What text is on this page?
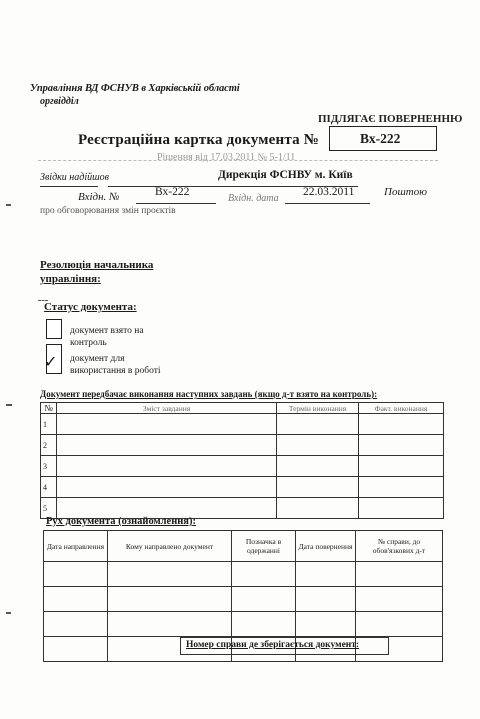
Управління ВД ФСНУВ в Харківській області
оргвідділ
ПІДЛЯГАЄ ПОВЕРНЕННЮ
Реєстраційна картка документа №	Вх-222
Рішення від 17.03.2011 № 5-1/11
Звідки надійшов	Дирекція ФСНВУ м. Київ
Вхідн. №	Вх-222
Вхідн. дата
22.03.2011	Поштою
про обговорювання змін проєктів
Резолюція начальника
управління:
Статус документа:
документ взято на
контроль
✓ документ для
використання в роботі
Документ передбачає виконання наступних завдань (якщо д-т взято на контроль):
№	Зміст завдання	Термін виконання	Факт. виконання
1			
2			
3			
4			
5			
Рух документа (ознайомлення):
Дата направлення	Кому направлено документ	Позначка в одержанні	Дата повернення	№ справи, до обов'язкових д-т

Номер справи де зберігається документ:
